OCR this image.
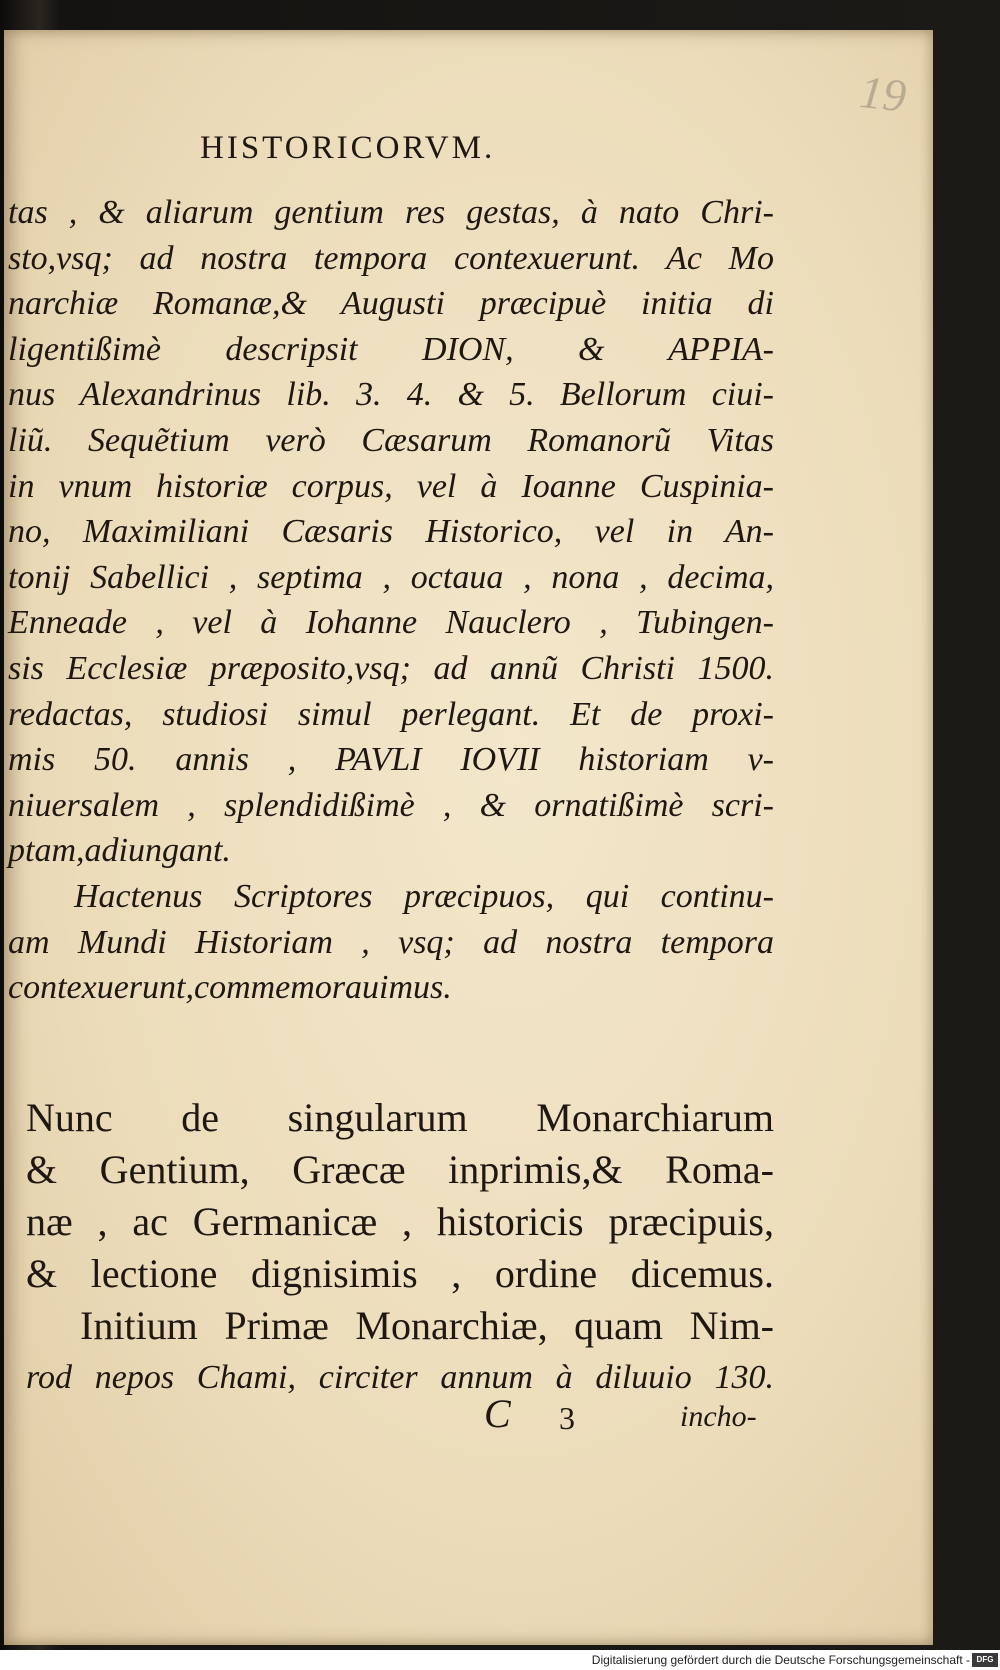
19
HISTORICORVM.
tas , & aliarum gentium res gestas, à nato Chri-
sto,vsq; ad nostra tempora contexuerunt. Ac Mo
narchiæ Romanæ,& Augusti præcipuè initia di
ligentißimè descripsit DION, & APPIA-
nus Alexandrinus lib. 3. 4. & 5. Bellorum ciui-
liũ. Sequẽtium verò Cæsarum Romanorũ Vitas
in vnum historiæ corpus, vel à Ioanne Cuspinia-
no, Maximiliani Cæsaris Historico, vel in An-
tonij Sabellici , septima , octaua , nona , decima,
Enneade , vel à Iohanne Nauclero , Tubingen-
sis Ecclesiæ præposito,vsq; ad annũ Christi 1500.
redactas, studiosi simul perlegant. Et de proxi-
mis 50. annis , PAVLI IOVII historiam v-
niuersalem , splendidißimè , & ornatißimè scri-
ptam,adiungant.
Hactenus Scriptores præcipuos, qui continu-
am Mundi Historiam , vsq; ad nostra tempora
contexuerunt,commemorauimus.
Nunc de singularum Monarchiarum
& Gentium, Græcæ inprimis,& Roma-
næ , ac Germanicæ , historicis præcipuis,
& lectione dignisimis , ordine dicemus.
Initium Primæ Monarchiæ, quam Nim-
rod nepos Chami, circiter annum à diluuio 130.
C 3	incho-
Digitalisierung gefördert durch die Deutsche Forschungsgemeinschaft - DFG
